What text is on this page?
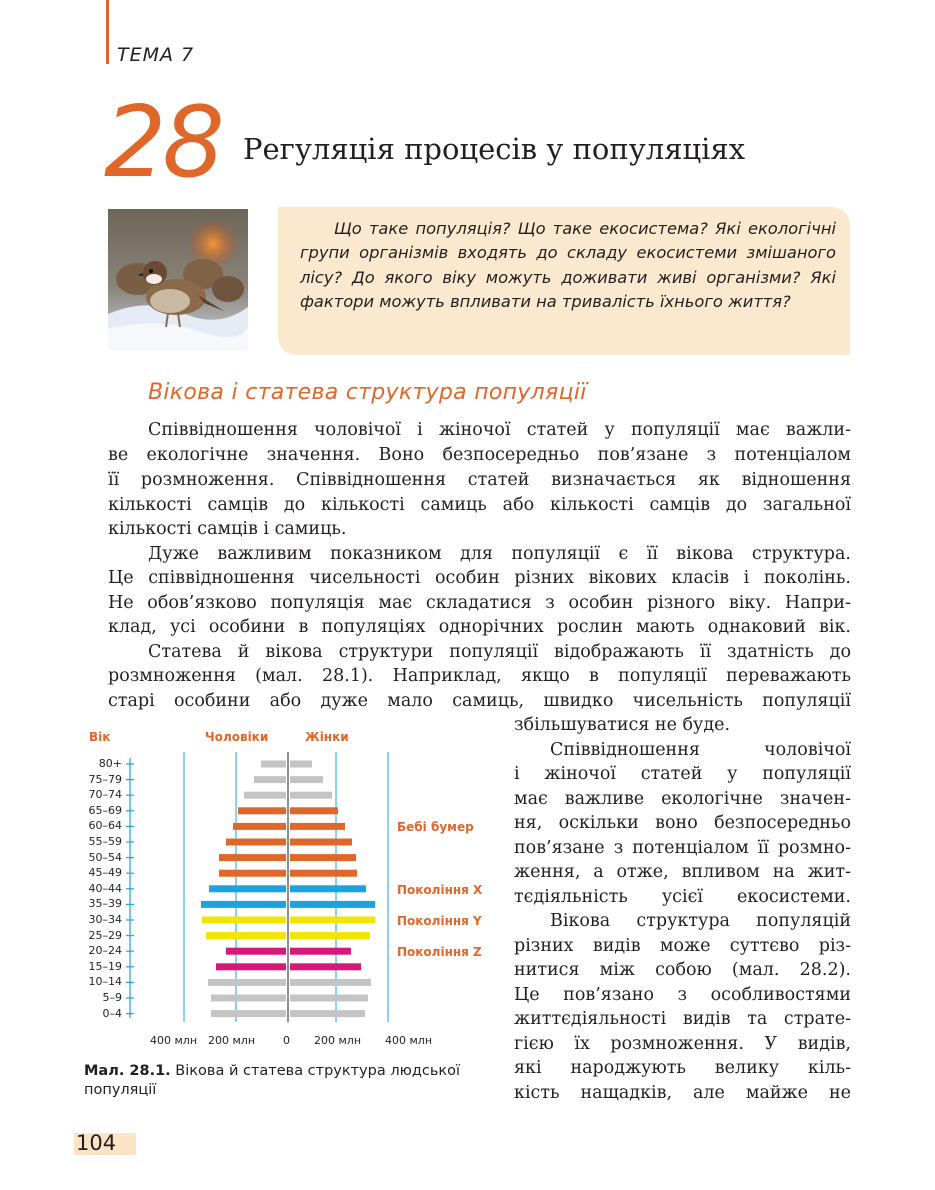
ТЕМА 7
28 Регуляція процесів у популяціях
Що таке популяція? Що таке екосистема? Які екологічні групи організмів входять до складу екосистеми змішаного лісу? До якого віку можуть доживати живі організми? Які фактори можуть впливати на тривалість їхнього життя?
Вікова і статева структура популяції
Співвідношення чоловічої і жіночої статей у популяції має важли-
ве екологічне значення. Воно безпосередньо пов’язане з потенціалом
її розмноження. Співвідношення статей визначається як відношення
кількості самців до кількості самиць або кількості самців до загальної
кількості самців і самиць.
Дуже важливим показником для популяції є її вікова структура.
Це співвідношення чисельності особин різних вікових класів і поколінь.
Не обов’язково популяція має складатися з особин різного віку. Напри-
клад, усі особини в популяціях однорічних рослин мають однаковий вік.
Статева й вікова структури популяції відображають її здатність до
розмноження (мал. 28.1). Наприклад, якщо в популяції переважають
старі особини або дуже мало самиць, швидко чисельність популяції
збільшуватися не буде.
Співвідношення чоловічої
і жіночої статей у популяції
має важливе екологічне значен-
ня, оскільки воно безпосередньо
пов’язане з потенціалом її розмно-
ження, а отже, впливом на жит-
тєдіяльність усієї екосистеми.
Вікова структура популяцій
різних видів може суттєво різ-
нитися між собою (мал. 28.2).
Це пов’язано з особливостями
життєдіяльності видів та страте-
гією їх розмноження. У видів,
які народжують велику кіль-
кість нащадків, але майже не
Вік	Чоловіки	Жінки
80+
75–79
70–74
65–69
60–64
55–59
50–54
45–49
40–44
35–39
30–34
25–29
20–24
15–19
10–14
5–9
0–4
Бебі бумер
Покоління X
Покоління Y
Покоління Z
400 млн 200 млн	0 200 млн 400 млн
Мал. 28.1. Вікова й статева структура людської популяції
104
